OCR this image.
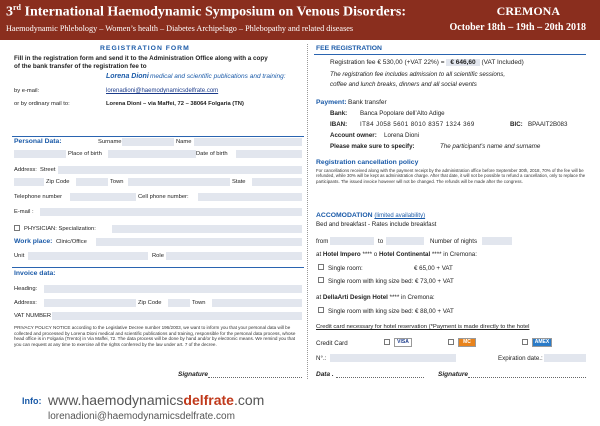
3rd International Haemodynamic Symposium on Venous Disorders:	CREMONA
Haemodynamic Phlebology – Women’s health – Diabetes Archipelago – Phlebopathy and related diseases	October 18th – 19th – 20th 2018
REGISTRATION FORM
Fill in the registration form and send it to the Administration Office along with a copy
of the bank transfer of the registration fee to
Lorena Dioni medical and scientific publications and training:
by e-mail:	lorenadioni@haemodynamicsdelfrate.com
or by ordinary mail to:	Lorena Dioni – via Maffei, 72 – 38064 Folgaria (TN)
Personal Data:	Surname	Name
Place of birth	Date of birth
Address: Street
Zip Code	Town	State
Telephone number	Cell phone number:
E-mail :
PHYSICIAN: Specialization:
Work place: Clinic/Office
Unit	Role
Invoice data:
Heading:
Address:	Zip Code	Town
VAT NUMBER
PRIVACY POLICY NOTICE according to the Legislative Decree number 196/2003, we want to inform you that your personal data will be collected and processed by Lorena Dioni medical and scientific publications and training, responsible for the personal data process, whose head office is in Folgaria (Trento) in Via Maffei, 72. The data process will be done by hand and/or by electronic means. We remind you that you can request at any time to exercise all the rights conferred by the law under art. 7 of the decree.
Signature
FEE REGISTRATION
Registration fee € 530,00 (+VAT 22%) = € 646,60 (VAT Included)
The registration fee includes admission to all scientific sessions,
coffee and lunch breaks, dinners and all social events
Payment: Bank transfer
Bank: Banca Popolare dell’Alto Adige
IBAN: IT84 J058 5601 8010 8357 1324 369	BIC: BPAAIT2B083
Account owner: Lorena Dioni
Please make sure to specify:	The participant’s name and surname
Registration cancellation policy
For cancellations received along with the payment receipt by the administration office before September 30th, 2018, 70% of the fee will be refunded, while 30% will be kept as administration charge. After that date, it will not be possible to refund a cancellation, only to replace the participants. The issued invoice however will not be changed. The refunds will be made after the congress.
ACCOMODATION (limited availability)
Bed and breakfast - Rates include breakfast
from	to	Number of nights
at Hotel Impero **** o Hotel Continental **** in Cremona:
Single room:	€ 65,00 + VAT
Single room with king size bed: € 73,00 + VAT
at DellaArti Design Hotel **** in Cremona:
Single room with king size bed: € 88,00 + VAT
Credit card necessary for hotel reservation (*Payment is made directly to the hotel
Credit Card	VISA	MC	AMEX
N°.:	Expiration date.:
Data .	Signature
Info: www.haemodynamicsdelfrate.com
lorenadioni@haemodynamicsdelfrate.com
